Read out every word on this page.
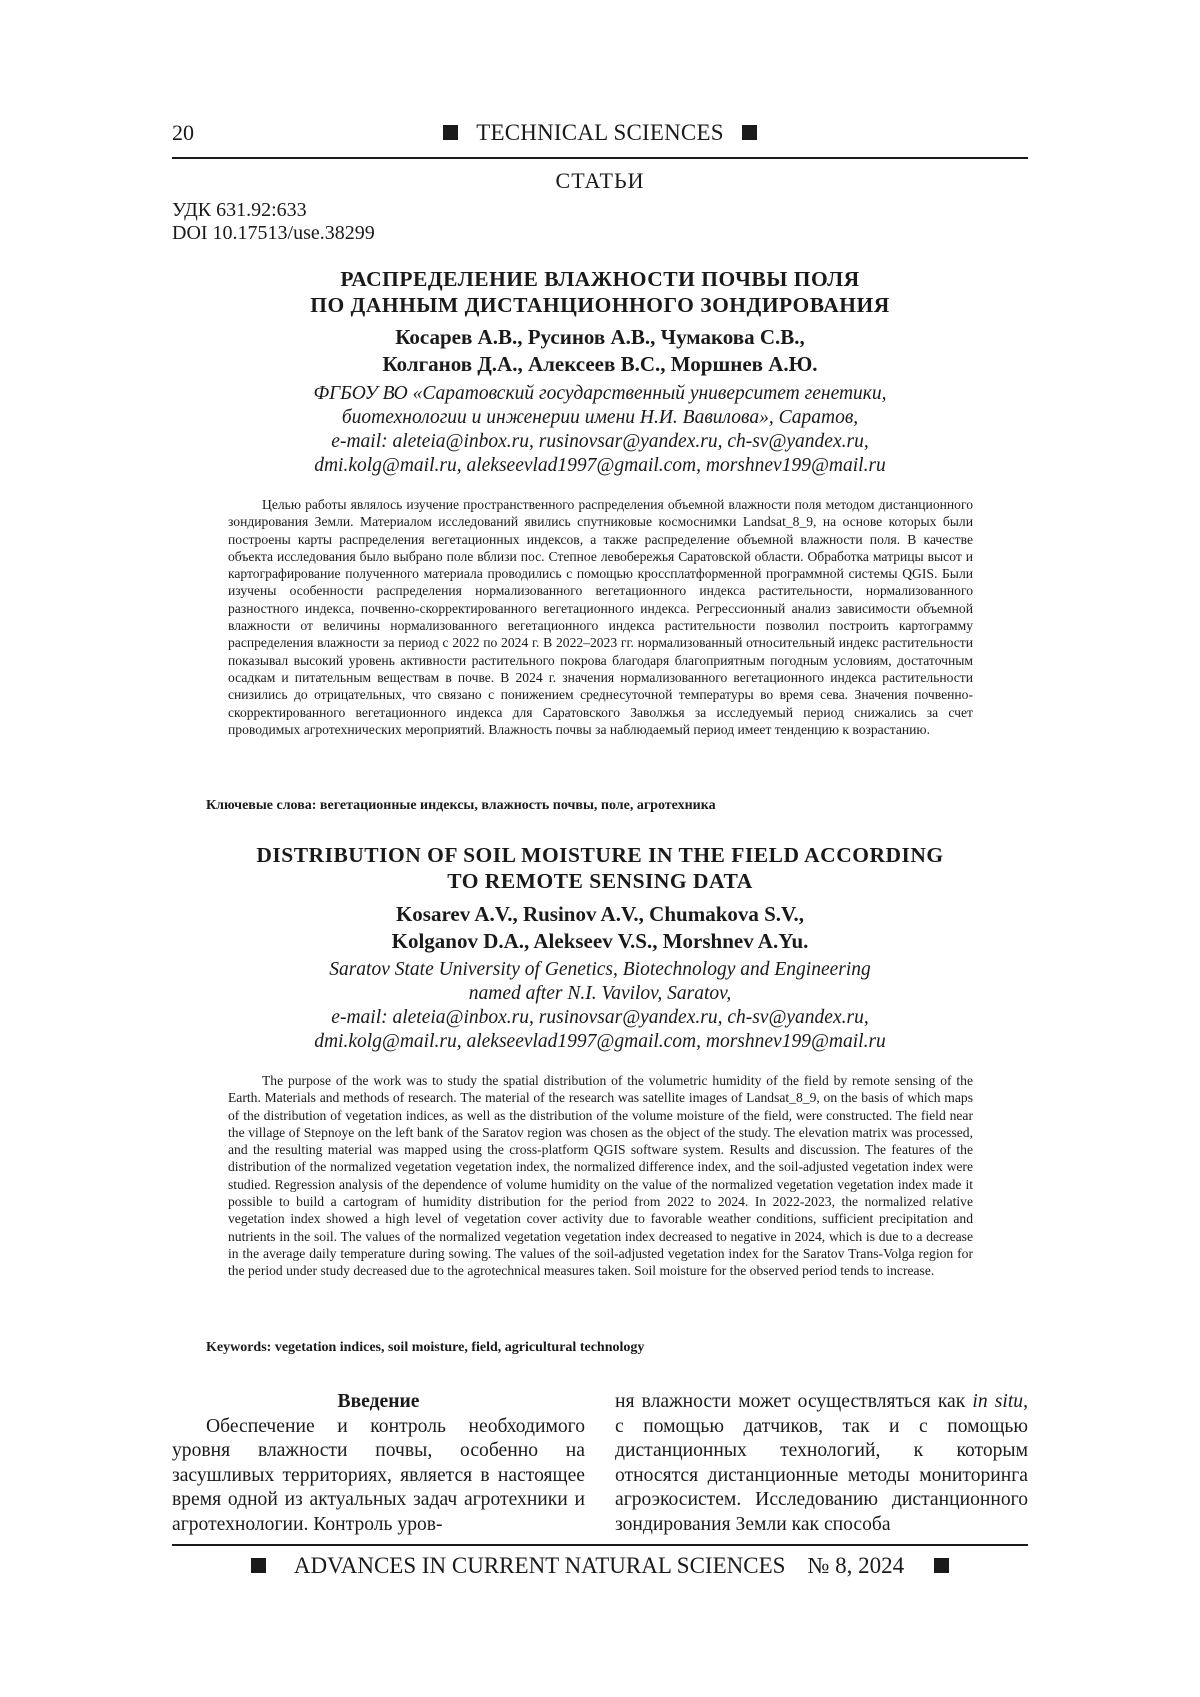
20	TECHNICAL SCIENCES
СТАТЬИ
УДК 631.92:633
DOI 10.17513/use.38299
РАСПРЕДЕЛЕНИЕ ВЛАЖНОСТИ ПОЧВЫ ПОЛЯ
ПО ДАННЫМ ДИСТАНЦИОННОГО ЗОНДИРОВАНИЯ
Косарев А.В., Русинов А.В., Чумакова С.В.,
Колганов Д.А., Алексеев В.С., Моршнев А.Ю.
ФГБОУ ВО «Саратовский государственный университет генетики,
биотехнологии и инженерии имени Н.И. Вавилова», Саратов,
e-mail: aleteia@inbox.ru, rusinovsar@yandex.ru, ch-sv@yandex.ru,
dmi.kolg@mail.ru, alekseevlad1997@gmail.com, morshnev199@mail.ru

Целью работы являлось изучение пространственного распределения объемной влажности поля методом дистанционного зондирования Земли. Материалом исследований явились спутниковые космоснимки Landsat_8_9, на основе которых были построены карты распределения вегетационных индексов, а также распределение объемной влажности поля. В качестве объекта исследования было выбрано поле вблизи пос. Степное левобережья Саратовской области. Обработка матрицы высот и картографирование полученного материала проводились с помощью кроссплатформенной программной системы QGIS. Были изучены особенности распределения нормализованного вегетационного индекса растительности, нормализованного разностного индекса, почвенно-скорректированного вегетационного индекса. Регрессионный анализ зависимости объемной влажности от величины нормализованного вегетационного индекса растительности позволил построить картограмму распределения влажности за период с 2022 по 2024 г. В 2022–2023 гг. нормализованный относительный индекс растительности показывал высокий уровень активности растительного покрова благодаря благоприятным погодным условиям, достаточным осадкам и питательным веществам в почве. В 2024 г. значения нормализованного вегетационного индекса растительности снизились до отрицательных, что связано с понижением среднесуточной температуры во время сева. Значения почвенно-скорректированного вегетационного индекса для Саратовского Заволжья за исследуемый период снижались за счет проводимых агротехнических мероприятий. Влажность почвы за наблюдаемый период имеет тенденцию к возрастанию.

Ключевые слова: вегетационные индексы, влажность почвы, поле, агротехника
DISTRIBUTION OF SOIL MOISTURE IN THE FIELD ACCORDING
TO REMOTE SENSING DATA
Kosarev A.V., Rusinov A.V., Chumakova S.V.,
Kolganov D.A., Alekseev V.S., Morshnev A.Yu.
Saratov State University of Genetics, Biotechnology and Engineering
named after N.I. Vavilov, Saratov,
e-mail: aleteia@inbox.ru, rusinovsar@yandex.ru, ch-sv@yandex.ru,
dmi.kolg@mail.ru, alekseevlad1997@gmail.com, morshnev199@mail.ru

The purpose of the work was to study the spatial distribution of the volumetric humidity of the field by remote sensing of the Earth. Materials and methods of research. The material of the research was satellite images of Landsat_8_9, on the basis of which maps of the distribution of vegetation indices, as well as the distribution of the volume moisture of the field, were constructed. The field near the village of Stepnoye on the left bank of the Saratov region was chosen as the object of the study. The elevation matrix was processed, and the resulting material was mapped using the cross-platform QGIS software system. Results and discussion. The features of the distribution of the normalized vegetation vegetation index, the normalized difference index, and the soil-adjusted vegetation index were studied. Regression analysis of the dependence of volume humidity on the value of the normalized vegetation vegetation index made it possible to build a cartogram of humidity distribution for the period from 2022 to 2024. In 2022-2023, the normalized relative vegetation index showed a high level of vegetation cover activity due to favorable weather conditions, sufficient precipitation and nutrients in the soil. The values of the normalized vegetation vegetation index decreased to negative in 2024, which is due to a decrease in the average daily temperature during sowing. The values of the soil-adjusted vegetation index for the Saratov Trans-Volga region for the period under study decreased due to the agrotechnical measures taken. Soil moisture for the observed period tends to increase.

Keywords: vegetation indices, soil moisture, field, agricultural technology
Введение

Обеспечение и контроль необходимого уровня влажности почвы, особенно на засушливых территориях, является в настоящее время одной из актуальных задач агротехники и агротехнологии. Контроль уров-

ня влажности может осуществляться как in situ, с помощью датчиков, так и с помощью дистанционных технологий, к которым относятся дистанционные методы мониторинга агроэкосистем. Исследованию дистанционного зондирования Земли как способа

ADVANCES IN CURRENT NATURAL SCIENCES № 8, 2024
